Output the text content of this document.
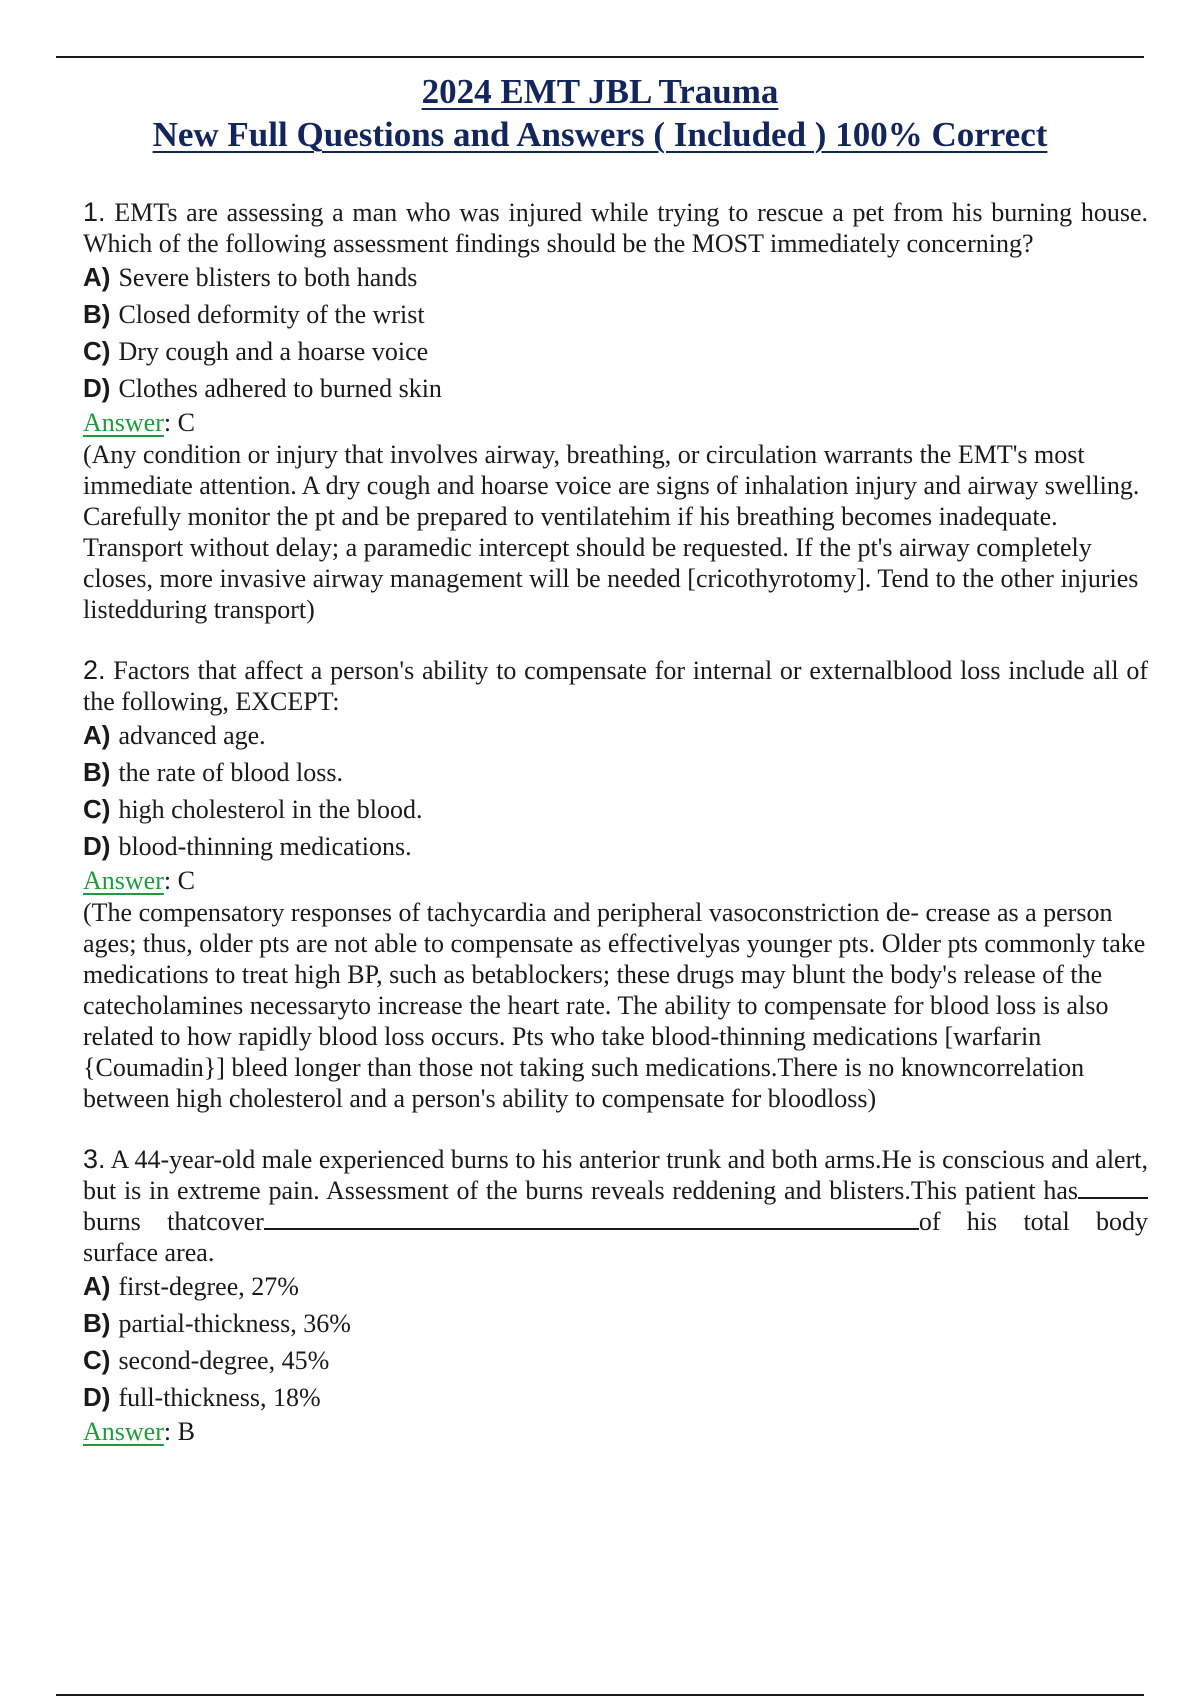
2024 EMT JBL Trauma
New Full Questions and Answers ( Included ) 100% Correct
1. EMTs are assessing a man who was injured while trying to rescue a pet from his burning house. Which of the following assessment findings should be the MOST immediately concerning?
A) Severe blisters to both hands
B) Closed deformity of the wrist
C) Dry cough and a hoarse voice
D) Clothes adhered to burned skin
Answer: C
(Any condition or injury that involves airway, breathing, or circulation warrants the EMT's most immediate attention. A dry cough and hoarse voice are signs of inhalation injury and airway swelling. Carefully monitor the pt and be prepared to ventilatehim if his breathing becomes inadequate. Transport without delay; a paramedic intercept should be requested. If the pt's airway completely closes, more invasive airway management will be needed [cricothyrotomy]. Tend to the other injuries listedduring transport)
2. Factors that affect a person's ability to compensate for internal or externalblood loss include all of the following, EXCEPT:
A) advanced age.
B) the rate of blood loss.
C) high cholesterol in the blood.
D) blood-thinning medications.
Answer: C
(The compensatory responses of tachycardia and peripheral vasoconstriction de- crease as a person ages; thus, older pts are not able to compensate as effectivelyas younger pts. Older pts commonly take medications to treat high BP, such as betablockers; these drugs may blunt the body's release of the catecholamines necessaryto increase the heart rate. The ability to compensate for blood loss is also related to how rapidly blood loss occurs. Pts who take blood-thinning medications [warfarin {Coumadin}] bleed longer than those not taking such medications.There is no knowncorrelation between high cholesterol and a person's ability to compensate for bloodloss)
3. A 44-year-old male experienced burns to his anterior trunk and both arms.He is conscious and alert, but is in extreme pain. Assessment of the burns reveals reddening and blisters.This patient hasburns thatcover	of his total body surface area.
A) first-degree, 27%
B) partial-thickness, 36%
C) second-degree, 45%
D) full-thickness, 18%
Answer: B
